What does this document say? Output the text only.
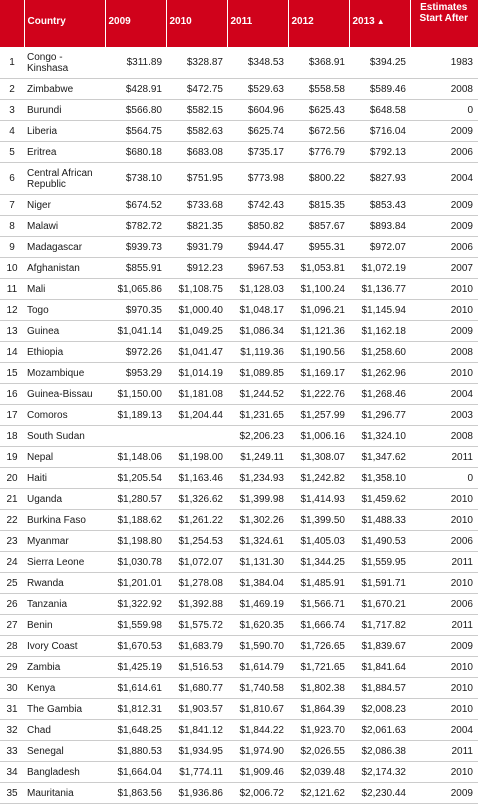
	Country	2009	2010	2011	2012	2013 ▲	Estimates Start After

1	Congo - Kinshasa	$311.89	$328.87	$348.53	$368.91	$394.25	1983
2	Zimbabwe	$428.91	$472.75	$529.63	$558.58	$589.46	2008
3	Burundi	$566.80	$582.15	$604.96	$625.43	$648.58	0
4	Liberia	$564.75	$582.63	$625.74	$672.56	$716.04	2009
5	Eritrea	$680.18	$683.08	$735.17	$776.79	$792.13	2006
6	Central African Republic	$738.10	$751.95	$773.98	$800.22	$827.93	2004
7	Niger	$674.52	$733.68	$742.43	$815.35	$853.43	2009
8	Malawi	$782.72	$821.35	$850.82	$857.67	$893.84	2009
9	Madagascar	$939.73	$931.79	$944.47	$955.31	$972.07	2006
10	Afghanistan	$855.91	$912.23	$967.53	$1,053.81	$1,072.19	2007
11	Mali	$1,065.86	$1,108.75	$1,128.03	$1,100.24	$1,136.77	2010
12	Togo	$970.35	$1,000.40	$1,048.17	$1,096.21	$1,145.94	2010
13	Guinea	$1,041.14	$1,049.25	$1,086.34	$1,121.36	$1,162.18	2009
14	Ethiopia	$972.26	$1,041.47	$1,119.36	$1,190.56	$1,258.60	2008
15	Mozambique	$953.29	$1,014.19	$1,089.85	$1,169.17	$1,262.96	2010
16	Guinea-Bissau	$1,150.00	$1,181.08	$1,244.52	$1,222.76	$1,268.46	2004
17	Comoros	$1,189.13	$1,204.44	$1,231.65	$1,257.99	$1,296.77	2003
18	South Sudan			$2,206.23	$1,006.16	$1,324.10	2008
19	Nepal	$1,148.06	$1,198.00	$1,249.11	$1,308.07	$1,347.62	2011
20	Haiti	$1,205.54	$1,163.46	$1,234.93	$1,242.82	$1,358.10	0
21	Uganda	$1,280.57	$1,326.62	$1,399.98	$1,414.93	$1,459.62	2010
22	Burkina Faso	$1,188.62	$1,261.22	$1,302.26	$1,399.50	$1,488.33	2010
23	Myanmar	$1,198.80	$1,254.53	$1,324.61	$1,405.03	$1,490.53	2006
24	Sierra Leone	$1,030.78	$1,072.07	$1,131.30	$1,344.25	$1,559.95	2011
25	Rwanda	$1,201.01	$1,278.08	$1,384.04	$1,485.91	$1,591.71	2010
26	Tanzania	$1,322.92	$1,392.88	$1,469.19	$1,566.71	$1,670.21	2006
27	Benin	$1,559.98	$1,575.72	$1,620.35	$1,666.74	$1,717.82	2011
28	Ivory Coast	$1,670.53	$1,683.79	$1,590.70	$1,726.65	$1,839.67	2009
29	Zambia	$1,425.19	$1,516.53	$1,614.79	$1,721.65	$1,841.64	2010
30	Kenya	$1,614.61	$1,680.77	$1,740.58	$1,802.38	$1,884.57	2010
31	The Gambia	$1,812.31	$1,903.57	$1,810.67	$1,864.39	$2,008.23	2010
32	Chad	$1,648.25	$1,841.12	$1,844.22	$1,923.70	$2,061.63	2004
33	Senegal	$1,880.53	$1,934.95	$1,974.90	$2,026.55	$2,086.38	2011
34	Bangladesh	$1,664.04	$1,774.11	$1,909.46	$2,039.48	$2,174.32	2010
35	Mauritania	$1,863.56	$1,936.86	$2,006.72	$2,121.62	$2,230.44	2009
